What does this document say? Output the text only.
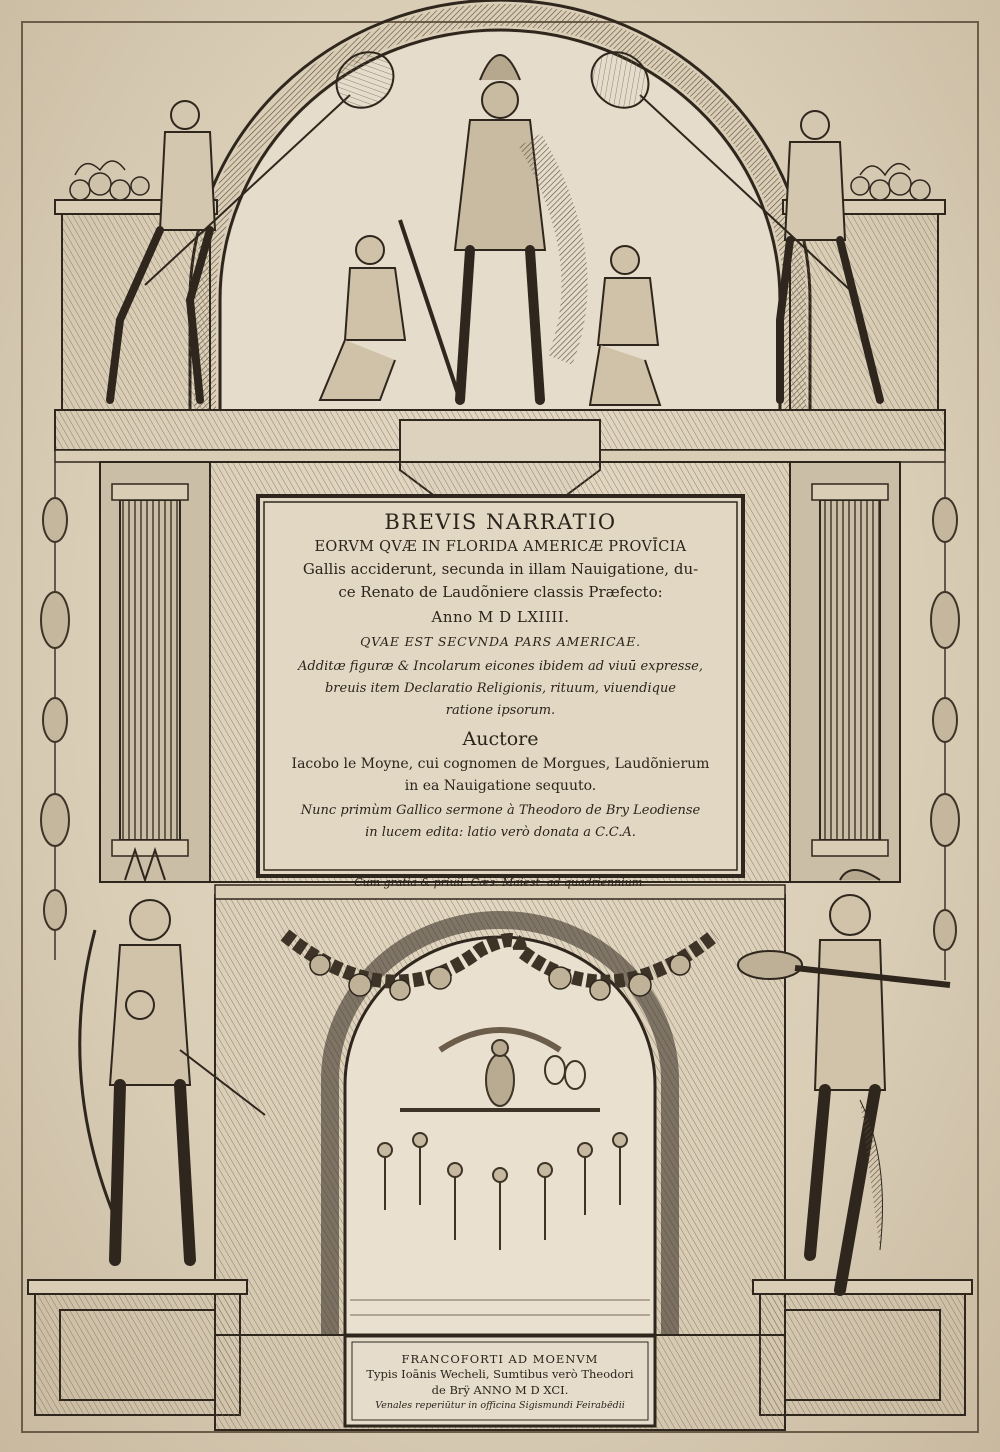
BREVIS NARRATIO
EORVM QVÆ IN FLORIDA AMERICÆ PROVĪCIA
Gallis acciderunt, secunda in illam Nauigatione, du-
ce Renato de Laudõniere classis Præfecto:
Anno M D LXIIII.
QVAE EST SECVNDA PARS AMERICAE.
Additæ figuræ & Incolarum eicones ibidem ad viuū expresse,
breuis item Declaratio Religionis, rituum, viuendique
ratione ipsorum.
Auctore
Iacobo le Moyne, cui cognomen de Morgues, Laudõnierum
in ea Nauigatione sequuto.
Nunc primùm Gallico sermone à Theodoro de Bry Leodiense
in lucem edita: latio verò donata a C.C.A.
Cum gratia & priuil. Cæs. Maiest. ad quadriennium.
FRANCOFORTI AD MOENVM
Typis Ioānis Wecheli, Sumtibus verò Theodori
de Brÿ ANNO M D XCI.
Venales reperiūtur in officina Sigismundi Feirabēdii
